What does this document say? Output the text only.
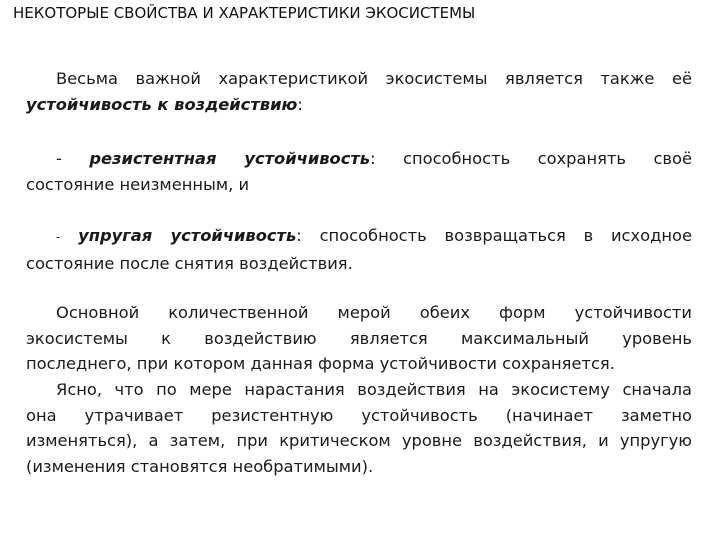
НЕКОТОРЫЕ СВОЙСТВА И ХАРАКТЕРИСТИКИ ЭКОСИСТЕМЫ
Весьма важной характеристикой экосистемы является также её
устойчивость к воздействию:
- резистентная устойчивость: способность сохранять своё
состояние неизменным, и
- упругая устойчивость: способность возвращаться в исходное
состояние после снятия воздействия.
Основной количественной мерой обеих форм устойчивости
экосистемы к воздействию является максимальный уровень
последнего, при котором данная форма устойчивости сохраняется.
Ясно, что по мере нарастания воздействия на экосистему сначала
она утрачивает резистентную устойчивость (начинает заметно
изменяться), а затем, при критическом уровне воздействия, и упругую
(изменения становятся необратимыми).
